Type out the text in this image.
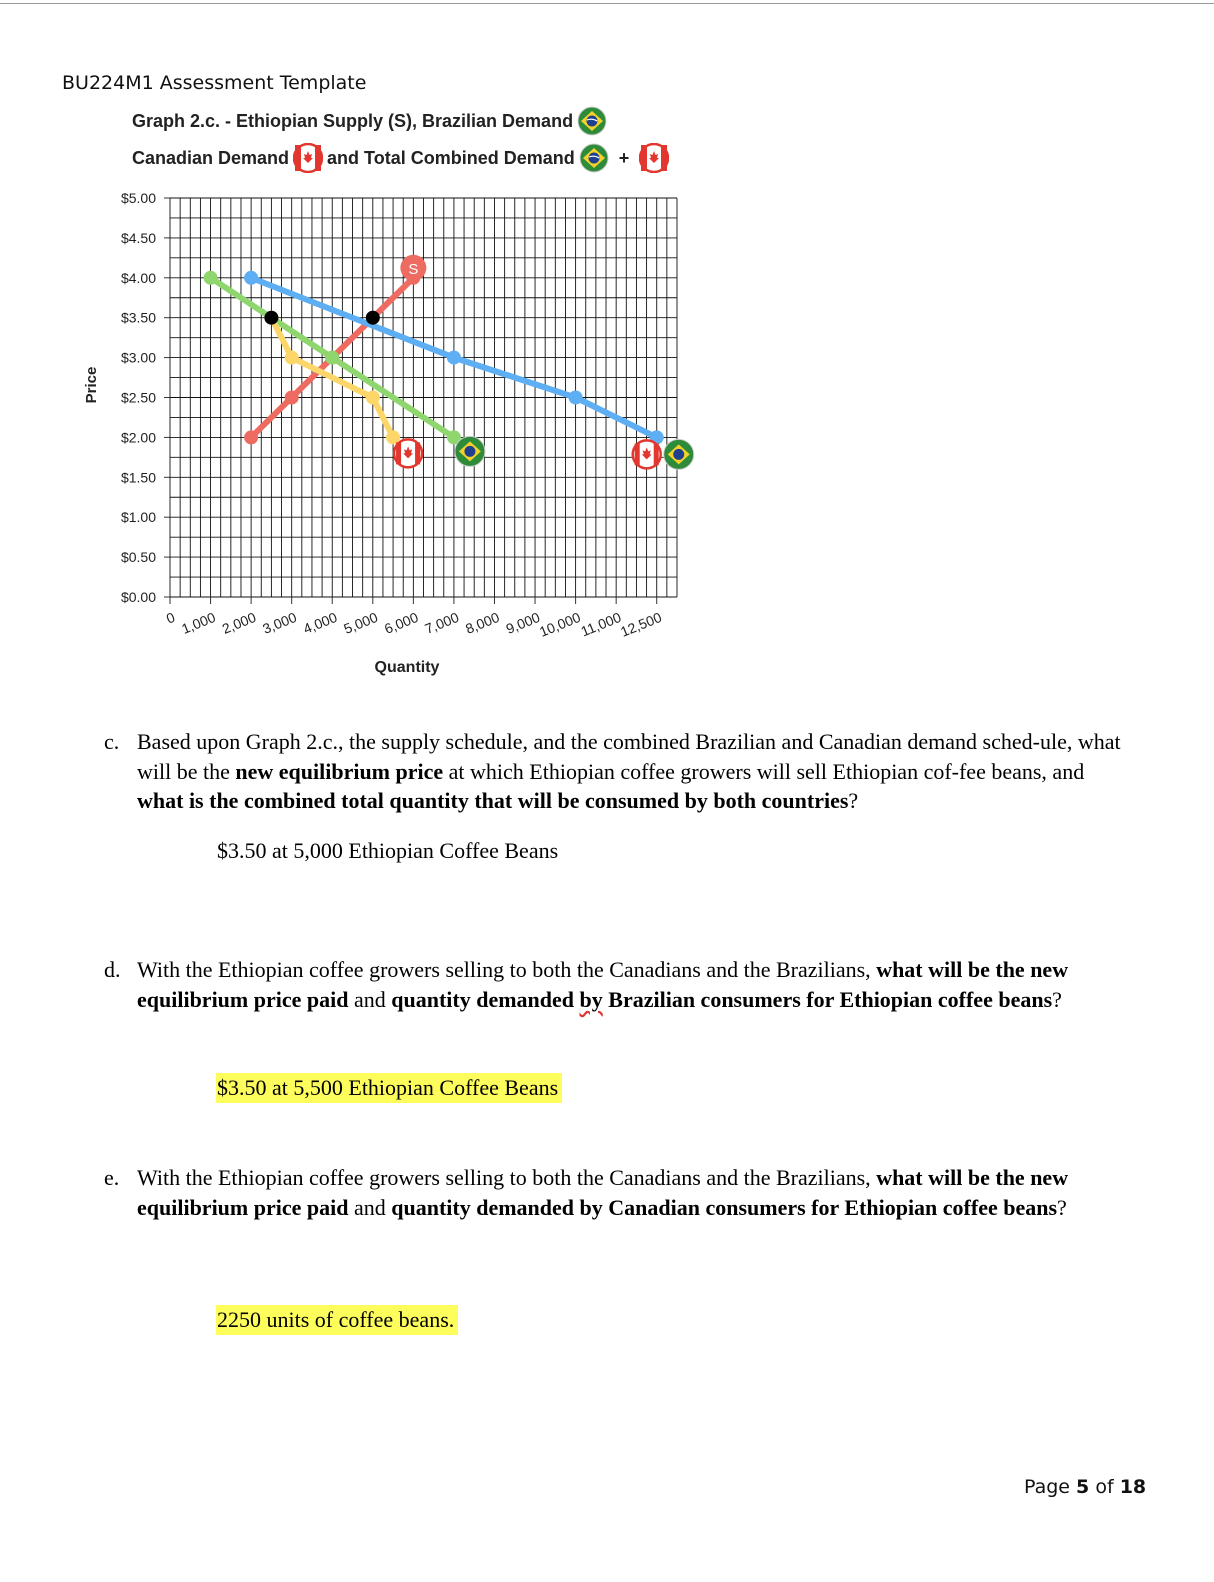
BU224M1 Assessment Template
Graph 2.c. - Ethiopian Supply (S), Brazilian Demand
Canadian Demand and Total Combined Demand +
$0.00
$0.50
$1.00
$1.50
$2.00
$2.50
$3.00
$3.50
$4.00
$4.50
$5.00
0 1,000 2,000 3,000 4,000 5,000 6,000 7,000 8,000 9,000
10,000
11,000
12,500
S
Price
Quantity
c. Based upon Graph 2.c., the supply schedule, and the combined Brazilian and Canadian demand sched-ule, what will be the new equilibrium price at which Ethiopian coffee growers will sell Ethiopian cof-fee beans, and what is the combined total quantity that will be consumed by both countries?
$3.50 at 5,000 Ethiopian Coffee Beans
d. With the Ethiopian coffee growers selling to both the Canadians and the Brazilians, what will be the new equilibrium price paid and quantity demanded by Brazilian consumers for Ethiopian coffee beans?
$3.50 at 5,500 Ethiopian Coffee Beans
e. With the Ethiopian coffee growers selling to both the Canadians and the Brazilians, what will be the new equilibrium price paid and quantity demanded by Canadian consumers for Ethiopian coffee beans?
2250 units of coffee beans.
Page 5 of 18
